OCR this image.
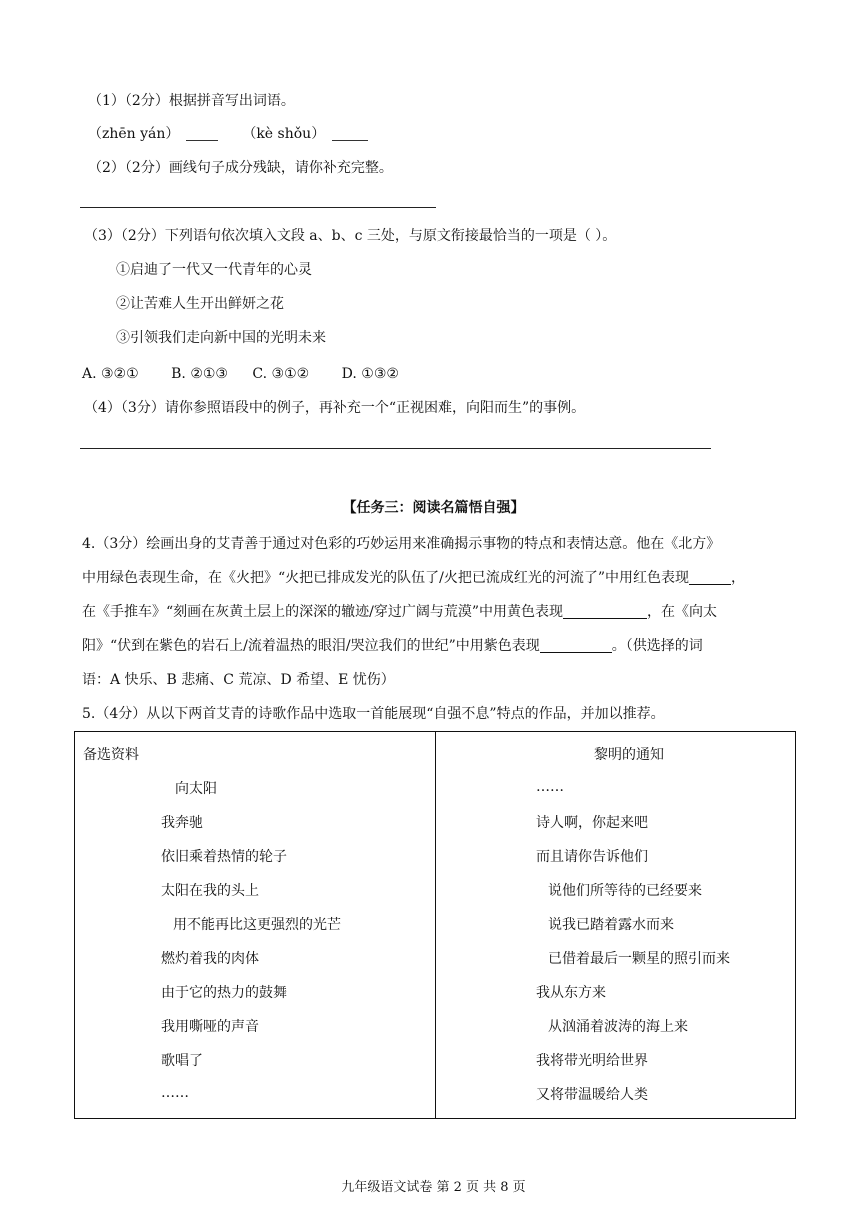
（1）（2分）根据拼音写出词语。
（zhēn yán）	（kè shǒu）
（2）（2分）画线句子成分残缺，请你补充完整。
（3）（2分）下列语句依次填入文段 a、b、c 三处，与原文衔接最恰当的一项是（ ）。
①启迪了一代又一代青年的心灵
②让苦难人生开出鲜妍之花
③引领我们走向新中国的光明未来
A. ③②① B. ②①③ C. ③①② D. ①③②
（4）（3分）请你参照语段中的例子，再补充一个“正视困难，向阳而生”的事例。
【任务三：阅读名篇悟自强】
4.（3分）绘画出身的艾青善于通过对色彩的巧妙运用来准确揭示事物的特点和表情达意。他在《北方》
中用绿色表现生命，在《火把》“火把已排成发光的队伍了/火把已流成红光的河流了”中用红色表现	，
在《手推车》“刻画在灰黄土层上的深深的辙迹/穿过广阔与荒漠”中用黄色表现	，在《向太
阳》“伏到在紫色的岩石上/流着温热的眼泪/哭泣我们的世纪”中用紫色表现	。（供选择的词
语：A 快乐、B 悲痛、C 荒凉、D 希望、E 忧伤）
5.（4分）从以下两首艾青的诗歌作品中选取一首能展现“自强不息”特点的作品，并加以推荐。
备选资料
向太阳
我奔驰
依旧乘着热情的轮子
太阳在我的头上
用不能再比这更强烈的光芒
燃灼着我的肉体
由于它的热力的鼓舞
我用嘶哑的声音
歌唱了
……

黎明的通知
……
诗人啊，你起来吧
而且请你告诉他们
说他们所等待的已经要来
说我已踏着露水而来
已借着最后一颗星的照引而来
我从东方来
从汹涌着波涛的海上来
我将带光明给世界
又将带温暖给人类
九年级语文试卷 第 2 页 共 8 页
